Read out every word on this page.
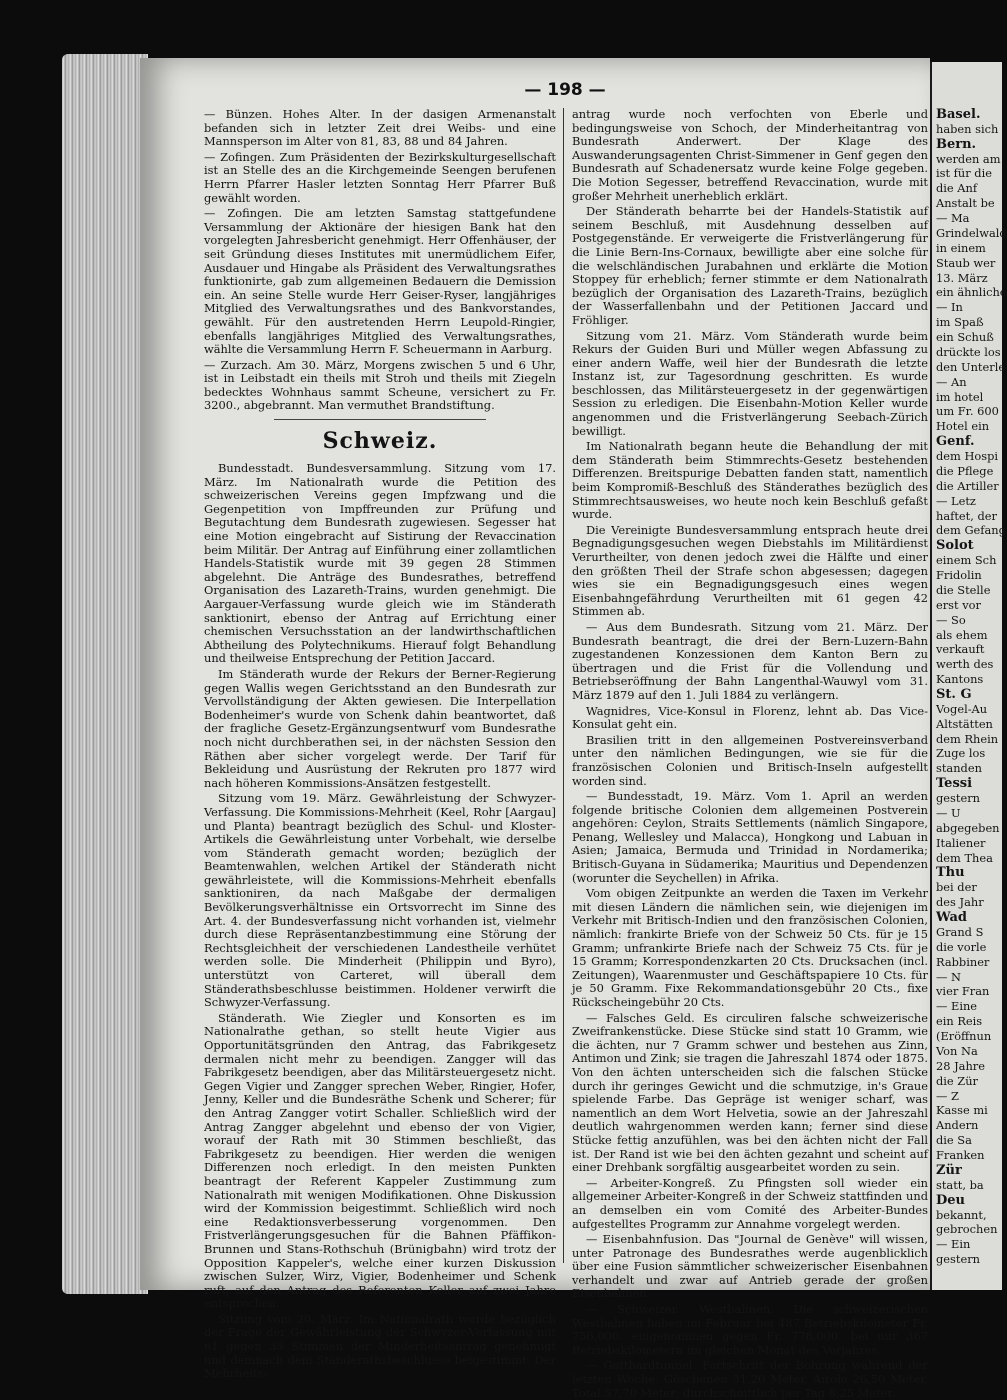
— 198 —

— Bünzen. Hohes Alter. In der dasigen Armenanstalt befanden sich in letzter Zeit drei Weibs- und eine Mannsperson im Alter von 81, 83, 88 und 84 Jahren.

— Zofingen. Zum Präsidenten der Bezirkskulturgesellschaft ist an Stelle des an die Kirchgemeinde Seengen berufenen Herrn Pfarrer Hasler letzten Sonntag Herr Pfarrer Buß gewählt worden.

— Zofingen. Die am letzten Samstag stattgefundene Versammlung der Aktionäre der hiesigen Bank hat den vorgelegten Jahresbericht genehmigt. Herr Offenhäuser, der seit Gründung dieses Institutes mit unermüdlichem Eifer, Ausdauer und Hingabe als Präsident des Verwaltungsrathes funktionirte, gab zum allgemeinen Bedauern die Demission ein. An seine Stelle wurde Herr Geiser-Ryser, langjähriges Mitglied des Verwaltungsrathes und des Bankvorstandes, gewählt. Für den austretenden Herrn Leupold-Ringier, ebenfalls langjähriges Mitglied des Verwaltungsrathes, wählte die Versammlung Herrn F. Scheuermann in Aarburg.

— Zurzach. Am 30. März, Morgens zwischen 5 und 6 Uhr, ist in Leibstadt ein theils mit Stroh und theils mit Ziegeln bedecktes Wohnhaus sammt Scheune, versichert zu Fr. 3200., abgebrannt. Man vermuthet Brandstiftung.

Schweiz.

Bundesstadt. Bundesversammlung. Sitzung vom 17. März. Im Nationalrath wurde die Petition des schweizerischen Vereins gegen Impfzwang und die Gegenpetition von Impffreunden zur Prüfung und Begutachtung dem Bundesrath zugewiesen. Segesser hat eine Motion eingebracht auf Sistirung der Revaccination beim Militär. Der Antrag auf Einführung einer zollamtlichen Handels-Statistik wurde mit 39 gegen 28 Stimmen abgelehnt. Die Anträge des Bundesrathes, betreffend Organisation des Lazareth-Trains, wurden genehmigt. Die Aargauer-Verfassung wurde gleich wie im Ständerath sanktionirt, ebenso der Antrag auf Errichtung einer chemischen Versuchsstation an der landwirthschaftlichen Abtheilung des Polytechnikums. Hierauf folgt Behandlung und theilweise Entsprechung der Petition Jaccard.

Im Ständerath wurde der Rekurs der Berner-Regierung gegen Wallis wegen Gerichtsstand an den Bundesrath zur Vervollständigung der Akten gewiesen. Die Interpellation Bodenheimer's wurde von Schenk dahin beantwortet, daß der fragliche Gesetz-Ergänzungsentwurf vom Bundesrathe noch nicht durchberathen sei, in der nächsten Session den Räthen aber sicher vorgelegt werde. Der Tarif für Bekleidung und Ausrüstung der Rekruten pro 1877 wird nach höheren Kommissions-Ansätzen festgestellt.

Sitzung vom 19. März. Gewährleistung der Schwyzer-Verfassung. Die Kommissions-Mehrheit (Keel, Rohr [Aargau] und Planta) beantragt bezüglich des Schul- und Kloster-Artikels die Gewährleistung unter Vorbehalt, wie derselbe vom Ständerath gemacht worden; bezüglich der Beamtenwahlen, welchen Artikel der Ständerath nicht gewährleistete, will die Kommissions-Mehrheit ebenfalls sanktioniren, da nach Maßgabe der dermaligen Bevölkerungsverhältnisse ein Ortsvorrecht im Sinne des Art. 4. der Bundesverfassung nicht vorhanden ist, vielmehr durch diese Repräsentanzbestimmung eine Störung der Rechtsgleichheit der verschiedenen Landestheile verhütet werden solle. Die Minderheit (Philippin und Byro), unterstützt von Carteret, will überall dem Ständerathsbeschlusse beistimmen. Holdener verwirft die Schwyzer-Verfassung.

Ständerath. Wie Ziegler und Konsorten es im Nationalrathe gethan, so stellt heute Vigier aus Opportunitätsgründen den Antrag, das Fabrikgesetz dermalen nicht mehr zu beendigen. Zangger will das Fabrikgesetz beendigen, aber das Militärsteuergesetz nicht. Gegen Vigier und Zangger sprechen Weber, Ringier, Hofer, Jenny, Keller und die Bundesräthe Schenk und Scherer; für den Antrag Zangger votirt Schaller. Schließlich wird der Antrag Zangger abgelehnt und ebenso der von Vigier, worauf der Rath mit 30 Stimmen beschließt, das Fabrikgesetz zu beendigen. Hier werden die wenigen Differenzen noch erledigt. In den meisten Punkten beantragt der Referent Kappeler Zustimmung zum Nationalrath mit wenigen Modifikationen. Ohne Diskussion wird der Kommission beigestimmt. Schließlich wird noch eine Redaktionsverbesserung vorgenommen. Den Fristverlängerungsgesuchen für die Bahnen Pfäffikon-Brunnen und Stans-Rothschuh (Brünigbahn) wird trotz der Opposition Kappeler's, welche einer kurzen Diskussion zwischen Sulzer, Wirz, Vigier, Bodenheimer und Schenk ruft, auf den Antrag des Referenten Keller auf zwei Jahre entsprochen.

Sitzung vom 20. März. Im Nationalrath wurde bezüglich der Frage der Gewährleistung der Schwyzer-Verfassung mit 61 gegen 35 Stimmen der Minderheitsantrag genehmigt und demnach dem Ständerathsbeschlusse beigestimmt. Der Mehrheits-

antrag wurde noch verfochten von Eberle und bedingungsweise von Schoch, der Minderheitantrag von Bundesrath Anderwert. Der Klage des Auswanderungsagenten Christ-Simmener in Genf gegen den Bundesrath auf Schadenersatz wurde keine Folge gegeben. Die Motion Segesser, betreffend Revaccination, wurde mit großer Mehrheit unerheblich erklärt.

Der Ständerath beharrte bei der Handels-Statistik auf seinem Beschluß, mit Ausdehnung desselben auf Postgegenstände. Er verweigerte die Fristverlängerung für die Linie Bern-Ins-Cornaux, bewilligte aber eine solche für die welschländischen Jurabahnen und erklärte die Motion Stoppey für erheblich; ferner stimmte er dem Nationalrath bezüglich der Organisation des Lazareth-Trains, bezüglich der Wasserfallenbahn und der Petitionen Jaccard und Fröhliger.

Sitzung vom 21. März. Vom Ständerath wurde beim Rekurs der Guiden Buri und Müller wegen Abfassung zu einer andern Waffe, weil hier der Bundesrath die letzte Instanz ist, zur Tagesordnung geschritten. Es wurde beschlossen, das Militärsteuergesetz in der gegenwärtigen Session zu erledigen. Die Eisenbahn-Motion Keller wurde angenommen und die Fristverlängerung Seebach-Zürich bewilligt.

Im Nationalrath begann heute die Behandlung der mit dem Ständerath beim Stimmrechts-Gesetz bestehenden Differenzen. Breitspurige Debatten fanden statt, namentlich beim Kompromiß-Beschluß des Ständerathes bezüglich des Stimmrechtsausweises, wo heute noch kein Beschluß gefaßt wurde.

Die Vereinigte Bundesversammlung entsprach heute drei Begnadigungsgesuchen wegen Diebstahls im Militärdienst Verurtheilter, von denen jedoch zwei die Hälfte und einer den größten Theil der Strafe schon abgesessen; dagegen wies sie ein Begnadigungsgesuch eines wegen Eisenbahngefährdung Verurtheilten mit 61 gegen 42 Stimmen ab.

— Aus dem Bundesrath. Sitzung vom 21. März. Der Bundesrath beantragt, die drei der Bern-Luzern-Bahn zugestandenen Konzessionen dem Kanton Bern zu übertragen und die Frist für die Vollendung und Betriebseröffnung der Bahn Langenthal-Wauwyl vom 31. März 1879 auf den 1. Juli 1884 zu verlängern.

Wagnidres, Vice-Konsul in Florenz, lehnt ab. Das Vice-Konsulat geht ein.

Brasilien tritt in den allgemeinen Postvereinsverband unter den nämlichen Bedingungen, wie sie für die französischen Colonien und Britisch-Inseln aufgestellt worden sind.

— Bundesstadt, 19. März. Vom 1. April an werden folgende britische Colonien dem allgemeinen Postverein angehören: Ceylon, Straits Settlements (nämlich Singapore, Penang, Wellesley und Malacca), Hongkong und Labuan in Asien; Jamaica, Bermuda und Trinidad in Nordamerika; Britisch-Guyana in Südamerika; Mauritius und Dependenzen (worunter die Seychellen) in Afrika.

Vom obigen Zeitpunkte an werden die Taxen im Verkehr mit diesen Ländern die nämlichen sein, wie diejenigen im Verkehr mit Britisch-Indien und den französischen Colonien, nämlich: frankirte Briefe von der Schweiz 50 Cts. für je 15 Gramm; unfrankirte Briefe nach der Schweiz 75 Cts. für je 15 Gramm; Korrespondenzkarten 20 Cts. Drucksachen (incl. Zeitungen), Waarenmuster und Geschäftspapiere 10 Cts. für je 50 Gramm. Fixe Rekommandationsgebühr 20 Cts., fixe Rückscheingebühr 20 Cts.

— Falsches Geld. Es circuliren falsche schweizerische Zweifrankenstücke. Diese Stücke sind statt 10 Gramm, wie die ächten, nur 7 Gramm schwer und bestehen aus Zinn, Antimon und Zink; sie tragen die Jahreszahl 1874 oder 1875. Von den ächten unterscheiden sich die falschen Stücke durch ihr geringes Gewicht und die schmutzige, in's Graue spielende Farbe. Das Gepräge ist weniger scharf, was namentlich an dem Wort Helvetia, sowie an der Jahreszahl deutlich wahrgenommen werden kann; ferner sind diese Stücke fettig anzufühlen, was bei den ächten nicht der Fall ist. Der Rand ist wie bei den ächten gezahnt und scheint auf einer Drehbank sorgfältig ausgearbeitet worden zu sein.

— Arbeiter-Kongreß. Zu Pfingsten soll wieder ein allgemeiner Arbeiter-Kongreß in der Schweiz stattfinden und an demselben ein vom Comité des Arbeiter-Bundes aufgestelltes Programm zur Annahme vorgelegt werden.

— Eisenbahnfusion. Das "Journal de Genève" will wissen, unter Patronage des Bundesrathes werde augenblicklich über eine Fusion sämmtlicher schweizerischer Eisenbahnen verhandelt und zwar auf Antrieb gerade der großen Eisenbahnen.

— Schweizer. Westbahnen. Die schweizerischen Westbahnen haben im Februar bei 487 Betriebskilometer Fr. 756,000. eingenommen gegen Fr. 778,000. bei nur 367 Betriebskilometern im gleichen Monat des Vorjahres.

— Gotthardtunnel. Fortschritt der Bohrung während der letzten Woche: Göschenen 31,20 Meter, Airolo 26,50 Meter, Total 57,70 Meter; durchschnittlich per Tag 8,25 Meter.

Basel.
haben sich
Bern.
werden am
ist für die
die Anf
Anstalt be
— Ma
Grindelwald
in einem
Staub wer
13. März
ein ähnliche
— In
im Spaß
ein Schuß
drückte los
den Unterle
— An
im hotel
um Fr. 600
Hotel ein
Genf.
dem Hospi
die Pflege
die Artiller
— Letz
haftet, der
dem Gefang
Solot
einem Sch
Fridolin
die Stelle
erst vor
— So
als ehem
verkauft
werth des
Kantons
St. G
Vogel-Au
Altstätten
dem Rhein
Zuge los
standen
Tessi
gestern
— U
abgegeben
Italiener
dem Thea
Thu
bei der
des Jahr
Wad
Grand S
die vorle
Rabbiner
— N
vier Fran
— Eine
ein Reis
(Eröffnun
Von Na
28 Jahre
die Zür
— Z
Kasse mi
Andern
die Sa
Franken
Zür
statt, ba
Deu
bekannt,
gebrochen
— Ein
gestern
